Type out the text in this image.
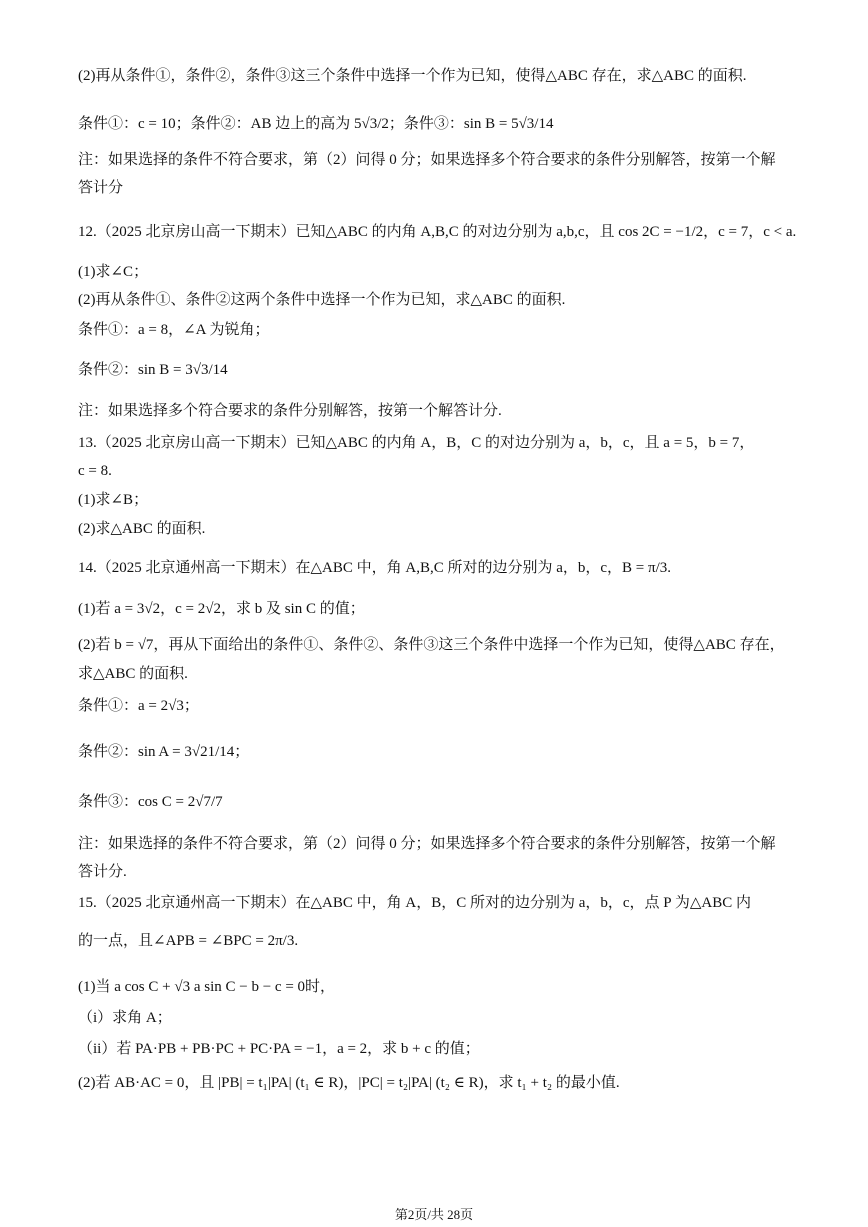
(2)再从条件①，条件②，条件③这三个条件中选择一个作为已知，使得△ABC 存在，求△ABC 的面积.
条件①：c = 10；条件②：AB 边上的高为 5√3/2；条件③：sin B = 5√3/14
注：如果选择的条件不符合要求，第（2）问得 0 分；如果选择多个符合要求的条件分别解答，按第一个解
答计分
12.（2025 北京房山高一下期末）已知△ABC 的内角 A,B,C 的对边分别为 a,b,c，且 cos 2C = −1/2，c = 7，c < a.
(1)求∠C；
(2)再从条件①、条件②这两个条件中选择一个作为已知，求△ABC 的面积.
条件①：a = 8，∠A 为锐角；
条件②：sin B = 3√3/14
注：如果选择多个符合要求的条件分别解答，按第一个解答计分.
13.（2025 北京房山高一下期末）已知△ABC 的内角 A，B，C 的对边分别为 a，b，c，且 a = 5，b = 7，
c = 8.
(1)求∠B；
(2)求△ABC 的面积.
14.（2025 北京通州高一下期末）在△ABC 中，角 A,B,C 所对的边分别为 a，b，c，B = π/3.
(1)若 a = 3√2，c = 2√2，求 b 及 sin C 的值；
(2)若 b = √7，再从下面给出的条件①、条件②、条件③这三个条件中选择一个作为已知，使得△ABC 存在，
求△ABC 的面积.
条件①：a = 2√3；
条件②：sin A = 3√21/14；
条件③：cos C = 2√7/7
注：如果选择的条件不符合要求，第（2）问得 0 分；如果选择多个符合要求的条件分别解答，按第一个解
答计分.
15.（2025 北京通州高一下期末）在△ABC 中，角 A，B，C 所对的边分别为 a，b，c，点 P 为△ABC 内
的一点，且∠APB = ∠BPC = 2π/3.
(1)当 a cos C + √3 a sin C − b − c = 0时，
（i）求角 A；
（ii）若 PA·PB + PB·PC + PC·PA = −1，a = 2，求 b + c 的值；
(2)若 AB·AC = 0，且 |PB| = t₁|PA| (t₁ ∈ R)，|PC| = t₂|PA| (t₂ ∈ R)，求 t₁ + t₂ 的最小值.
第2页/共 28页
